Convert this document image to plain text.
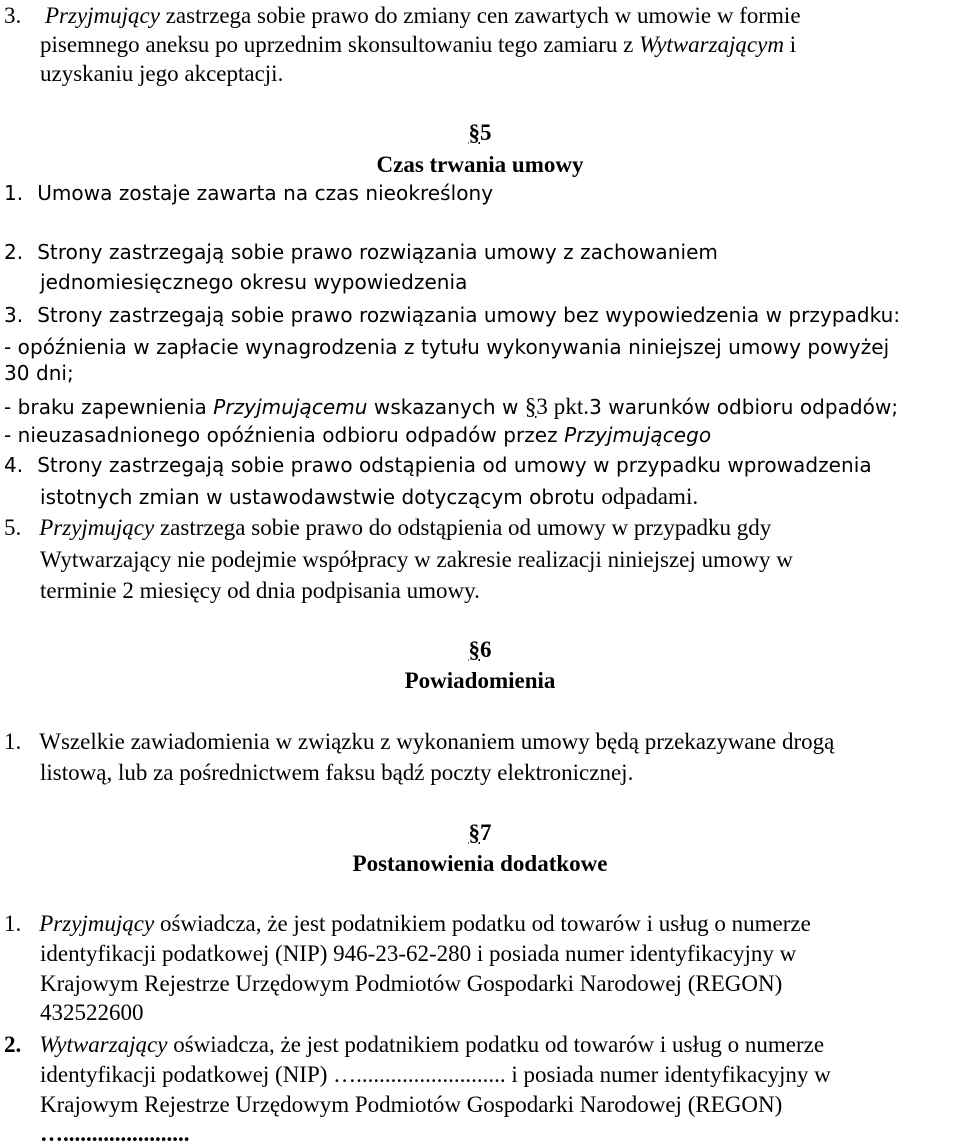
3. Przyjmujący zastrzega sobie prawo do zmiany cen zawartych w umowie w formie
pisemnego aneksu po uprzednim skonsultowaniu tego zamiaru z Wytwarzającym i
uzyskaniu jego akceptacji.
§5
Czas trwania umowy
1. Umowa zostaje zawarta na czas nieokreślony
2. Strony zastrzegają sobie prawo rozwiązania umowy z zachowaniem
jednomiesięcznego okresu wypowiedzenia
3. Strony zastrzegają sobie prawo rozwiązania umowy bez wypowiedzenia w przypadku:
- opóźnienia w zapłacie wynagrodzenia z tytułu wykonywania niniejszej umowy powyżej
30 dni;
- braku zapewnienia Przyjmującemu wskazanych w §3 pkt.3 warunków odbioru odpadów;
- nieuzasadnionego opóźnienia odbioru odpadów przez Przyjmującego
4. Strony zastrzegają sobie prawo odstąpienia od umowy w przypadku wprowadzenia
istotnych zmian w ustawodawstwie dotyczącym obrotu odpadami.
5. Przyjmujący zastrzega sobie prawo do odstąpienia od umowy w przypadku gdy
Wytwarzający nie podejmie współpracy w zakresie realizacji niniejszej umowy w
terminie 2 miesięcy od dnia podpisania umowy.
§6
Powiadomienia
1. Wszelkie zawiadomienia w związku z wykonaniem umowy będą przekazywane drogą
listową, lub za pośrednictwem faksu bądź poczty elektronicznej.
§7
Postanowienia dodatkowe
1. Przyjmujący oświadcza, że jest podatnikiem podatku od towarów i usług o numerze
identyfikacji podatkowej (NIP) 946-23-62-280 i posiada numer identyfikacyjny w
Krajowym Rejestrze Urzędowym Podmiotów Gospodarki Narodowej (REGON)
432522600
2. Wytwarzający oświadcza, że jest podatnikiem podatku od towarów i usług o numerze
identyfikacji podatkowej (NIP) ….......................... i posiada numer identyfikacyjny w
Krajowym Rejestrze Urzędowym Podmiotów Gospodarki Narodowej (REGON)
…......................
